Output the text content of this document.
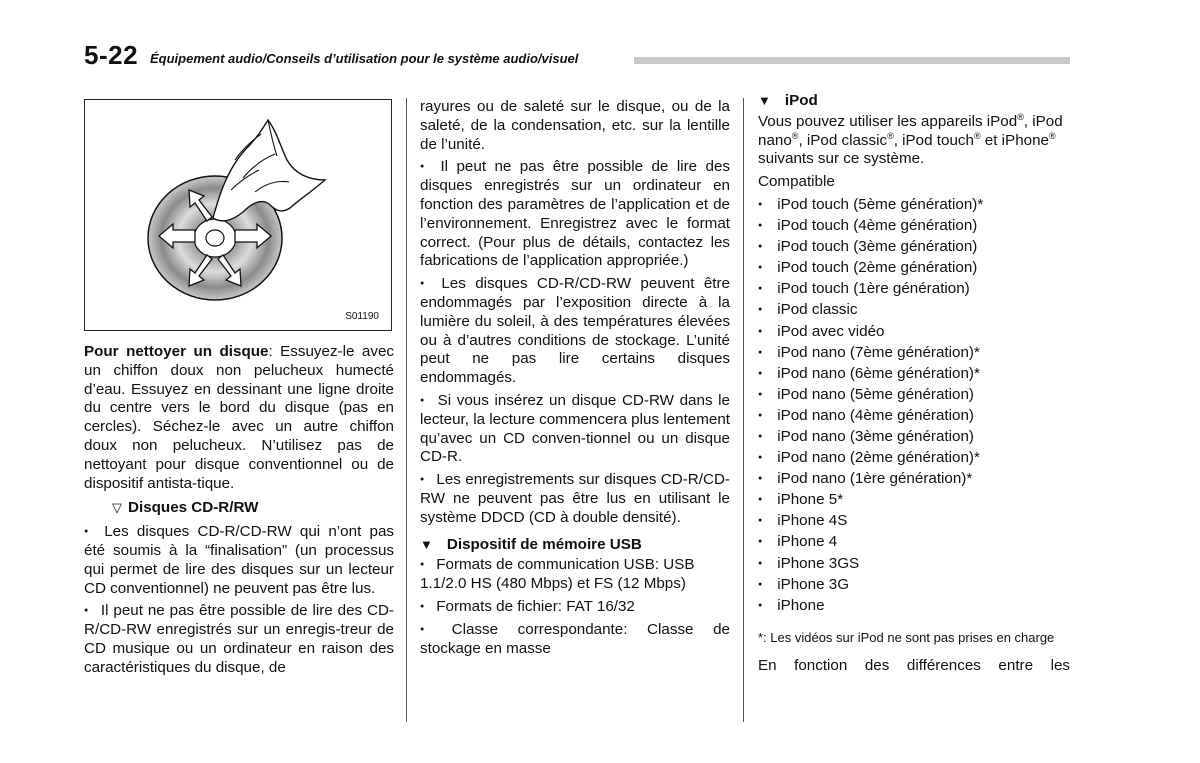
5-22 Équipement audio/Conseils d’utilisation pour le système audio/visuel
S01190

Pour nettoyer un disque: Essuyez-le avec un chiffon doux non pelucheux humecté d’eau. Essuyez en dessinant une ligne droite du centre vers le bord du disque (pas en cercles). Séchez-le avec un autre chiffon doux non pelucheux. N’utilisez pas de nettoyant pour disque conventionnel ou de dispositif antista-tique.

▽ Disques CD-R/RW

● Les disques CD-R/CD-RW qui n’ont pas été soumis à la “finalisation” (un processus qui permet de lire des disques sur un lecteur CD conventionnel) ne peuvent pas être lus.

● Il peut ne pas être possible de lire des CD-R/CD-RW enregistrés sur un enregis-treur de CD musique ou un ordinateur en raison des caractéristiques du disque, de

rayures ou de saleté sur le disque, ou de la saleté, de la condensation, etc. sur la lentille de l’unité.

● Il peut ne pas être possible de lire des disques enregistrés sur un ordinateur en fonction des paramètres de l’application et de l’environnement. Enregistrez avec le format correct. (Pour plus de détails, contactez les fabrications de l’application appropriée.)

● Les disques CD-R/CD-RW peuvent être endommagés par l’exposition directe à la lumière du soleil, à des températures élevées ou à d’autres conditions de stockage. L’unité peut ne pas lire certains disques endommagés.

● Si vous insérez un disque CD-RW dans le lecteur, la lecture commencera plus lentement qu’avec un CD conven-tionnel ou un disque CD-R.

● Les enregistrements sur disques CD-R/CD-RW ne peuvent pas être lus en utilisant le système DDCD (CD à double densité).

▼ Dispositif de mémoire USB

● Formats de communication USB: USB 1.1/2.0 HS (480 Mbps) et FS (12 Mbps)

● Formats de fichier: FAT 16/32

● Classe correspondante: Classe de stockage en masse

▼ iPod

Vous pouvez utiliser les appareils iPod®, iPod nano®, iPod classic®, iPod touch® et iPhone® suivants sur ce système.

Compatible

● iPod touch (5ème génération)*
● iPod touch (4ème génération)
● iPod touch (3ème génération)
● iPod touch (2ème génération)
● iPod touch (1ère génération)
● iPod classic
● iPod avec vidéo
● iPod nano (7ème génération)*
● iPod nano (6ème génération)*
● iPod nano (5ème génération)
● iPod nano (4ème génération)
● iPod nano (3ème génération)
● iPod nano (2ème génération)*
● iPod nano (1ère génération)*
● iPhone 5*
● iPhone 4S
● iPhone 4
● iPhone 3GS
● iPhone 3G
● iPhone

*: Les vidéos sur iPod ne sont pas prises en charge

En fonction des différences entre les
